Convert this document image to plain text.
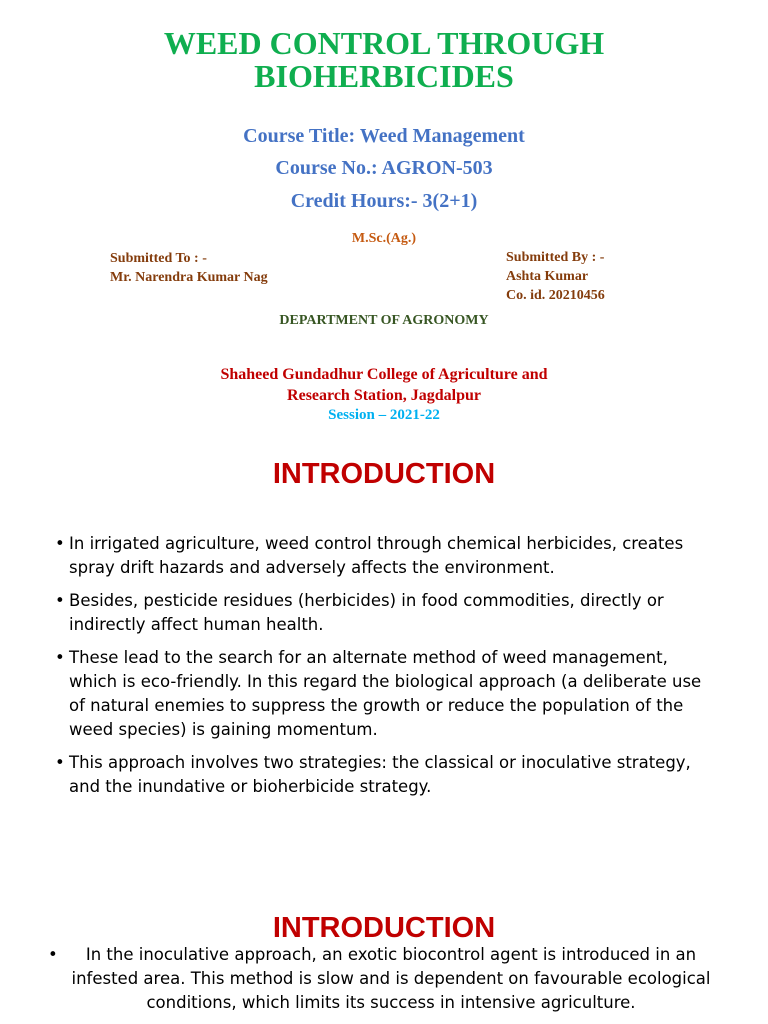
WEED CONTROL THROUGH
BIOHERBICIDES
Course Title: Weed Management
Course No.: AGRON-503
Credit Hours:- 3(2+1)
M.Sc.(Ag.)
Submitted To : -
Mr. Narendra Kumar Nag
Submitted By : -
Ashta Kumar
Co. id. 20210456
DEPARTMENT OF AGRONOMY
Shaheed Gundadhur College of Agriculture and
Research Station, Jagdalpur
Session – 2021-22
INTRODUCTION
• In irrigated agriculture, weed control through chemical herbicides, creates spray drift hazards and adversely affects the environment.
• Besides, pesticide residues (herbicides) in food commodities, directly or indirectly affect human health.
• These lead to the search for an alternate method of weed management, which is eco-friendly. In this regard the biological approach (a deliberate use of natural enemies to suppress the growth or reduce the population of the weed species) is gaining momentum.
• This approach involves two strategies: the classical or inoculative strategy, and the inundative or bioherbicide strategy.
INTRODUCTION
• In the inoculative approach, an exotic biocontrol agent is introduced in an infested area. This method is slow and is dependent on favourable ecological conditions, which limits its success in intensive agriculture.
